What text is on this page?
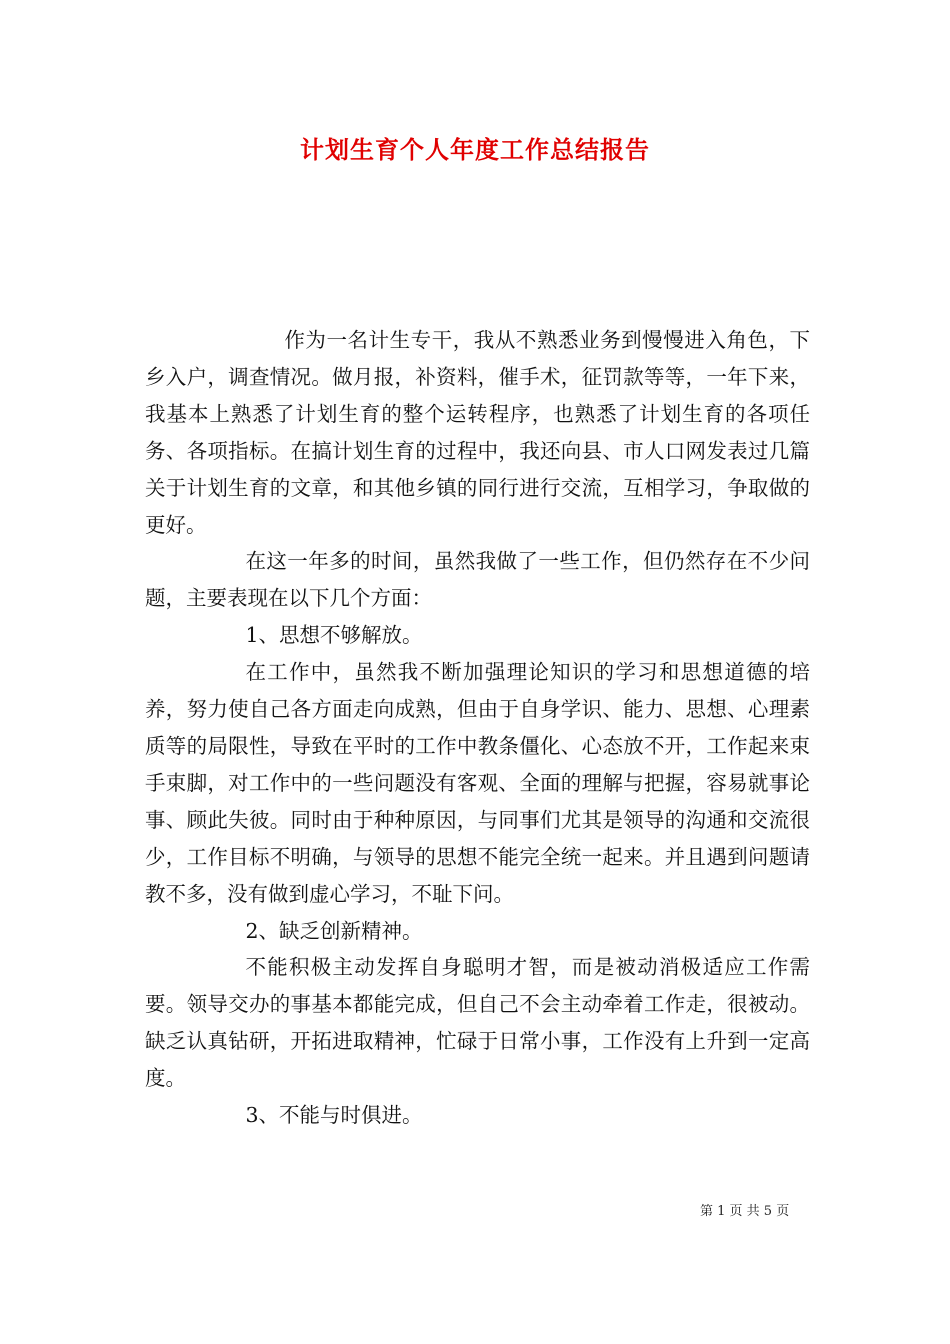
计划生育个人年度工作总结报告

作为一名计生专干，我从不熟悉业务到慢慢进入角色，下乡入户，调查情况。做月报，补资料，催手术，征罚款等等，一年下来，我基本上熟悉了计划生育的整个运转程序，也熟悉了计划生育的各项任务、各项指标。在搞计划生育的过程中，我还向县、市人口网发表过几篇关于计划生育的文章，和其他乡镇的同行进行交流，互相学习，争取做的更好。

在这一年多的时间，虽然我做了一些工作，但仍然存在不少问题，主要表现在以下几个方面：

1、思想不够解放。

在工作中，虽然我不断加强理论知识的学习和思想道德的培养，努力使自己各方面走向成熟，但由于自身学识、能力、思想、心理素质等的局限性，导致在平时的工作中教条僵化、心态放不开，工作起来束手束脚，对工作中的一些问题没有客观、全面的理解与把握，容易就事论事、顾此失彼。同时由于种种原因，与同事们尤其是领导的沟通和交流很少，工作目标不明确，与领导的思想不能完全统一起来。并且遇到问题请教不多，没有做到虚心学习，不耻下问。

2、缺乏创新精神。

不能积极主动发挥自身聪明才智，而是被动消极适应工作需要。领导交办的事基本都能完成，但自己不会主动牵着工作走，很被动。缺乏认真钻研，开拓进取精神，忙碌于日常小事，工作没有上升到一定高度。

3、不能与时俱进。

第 1 页 共 5 页
